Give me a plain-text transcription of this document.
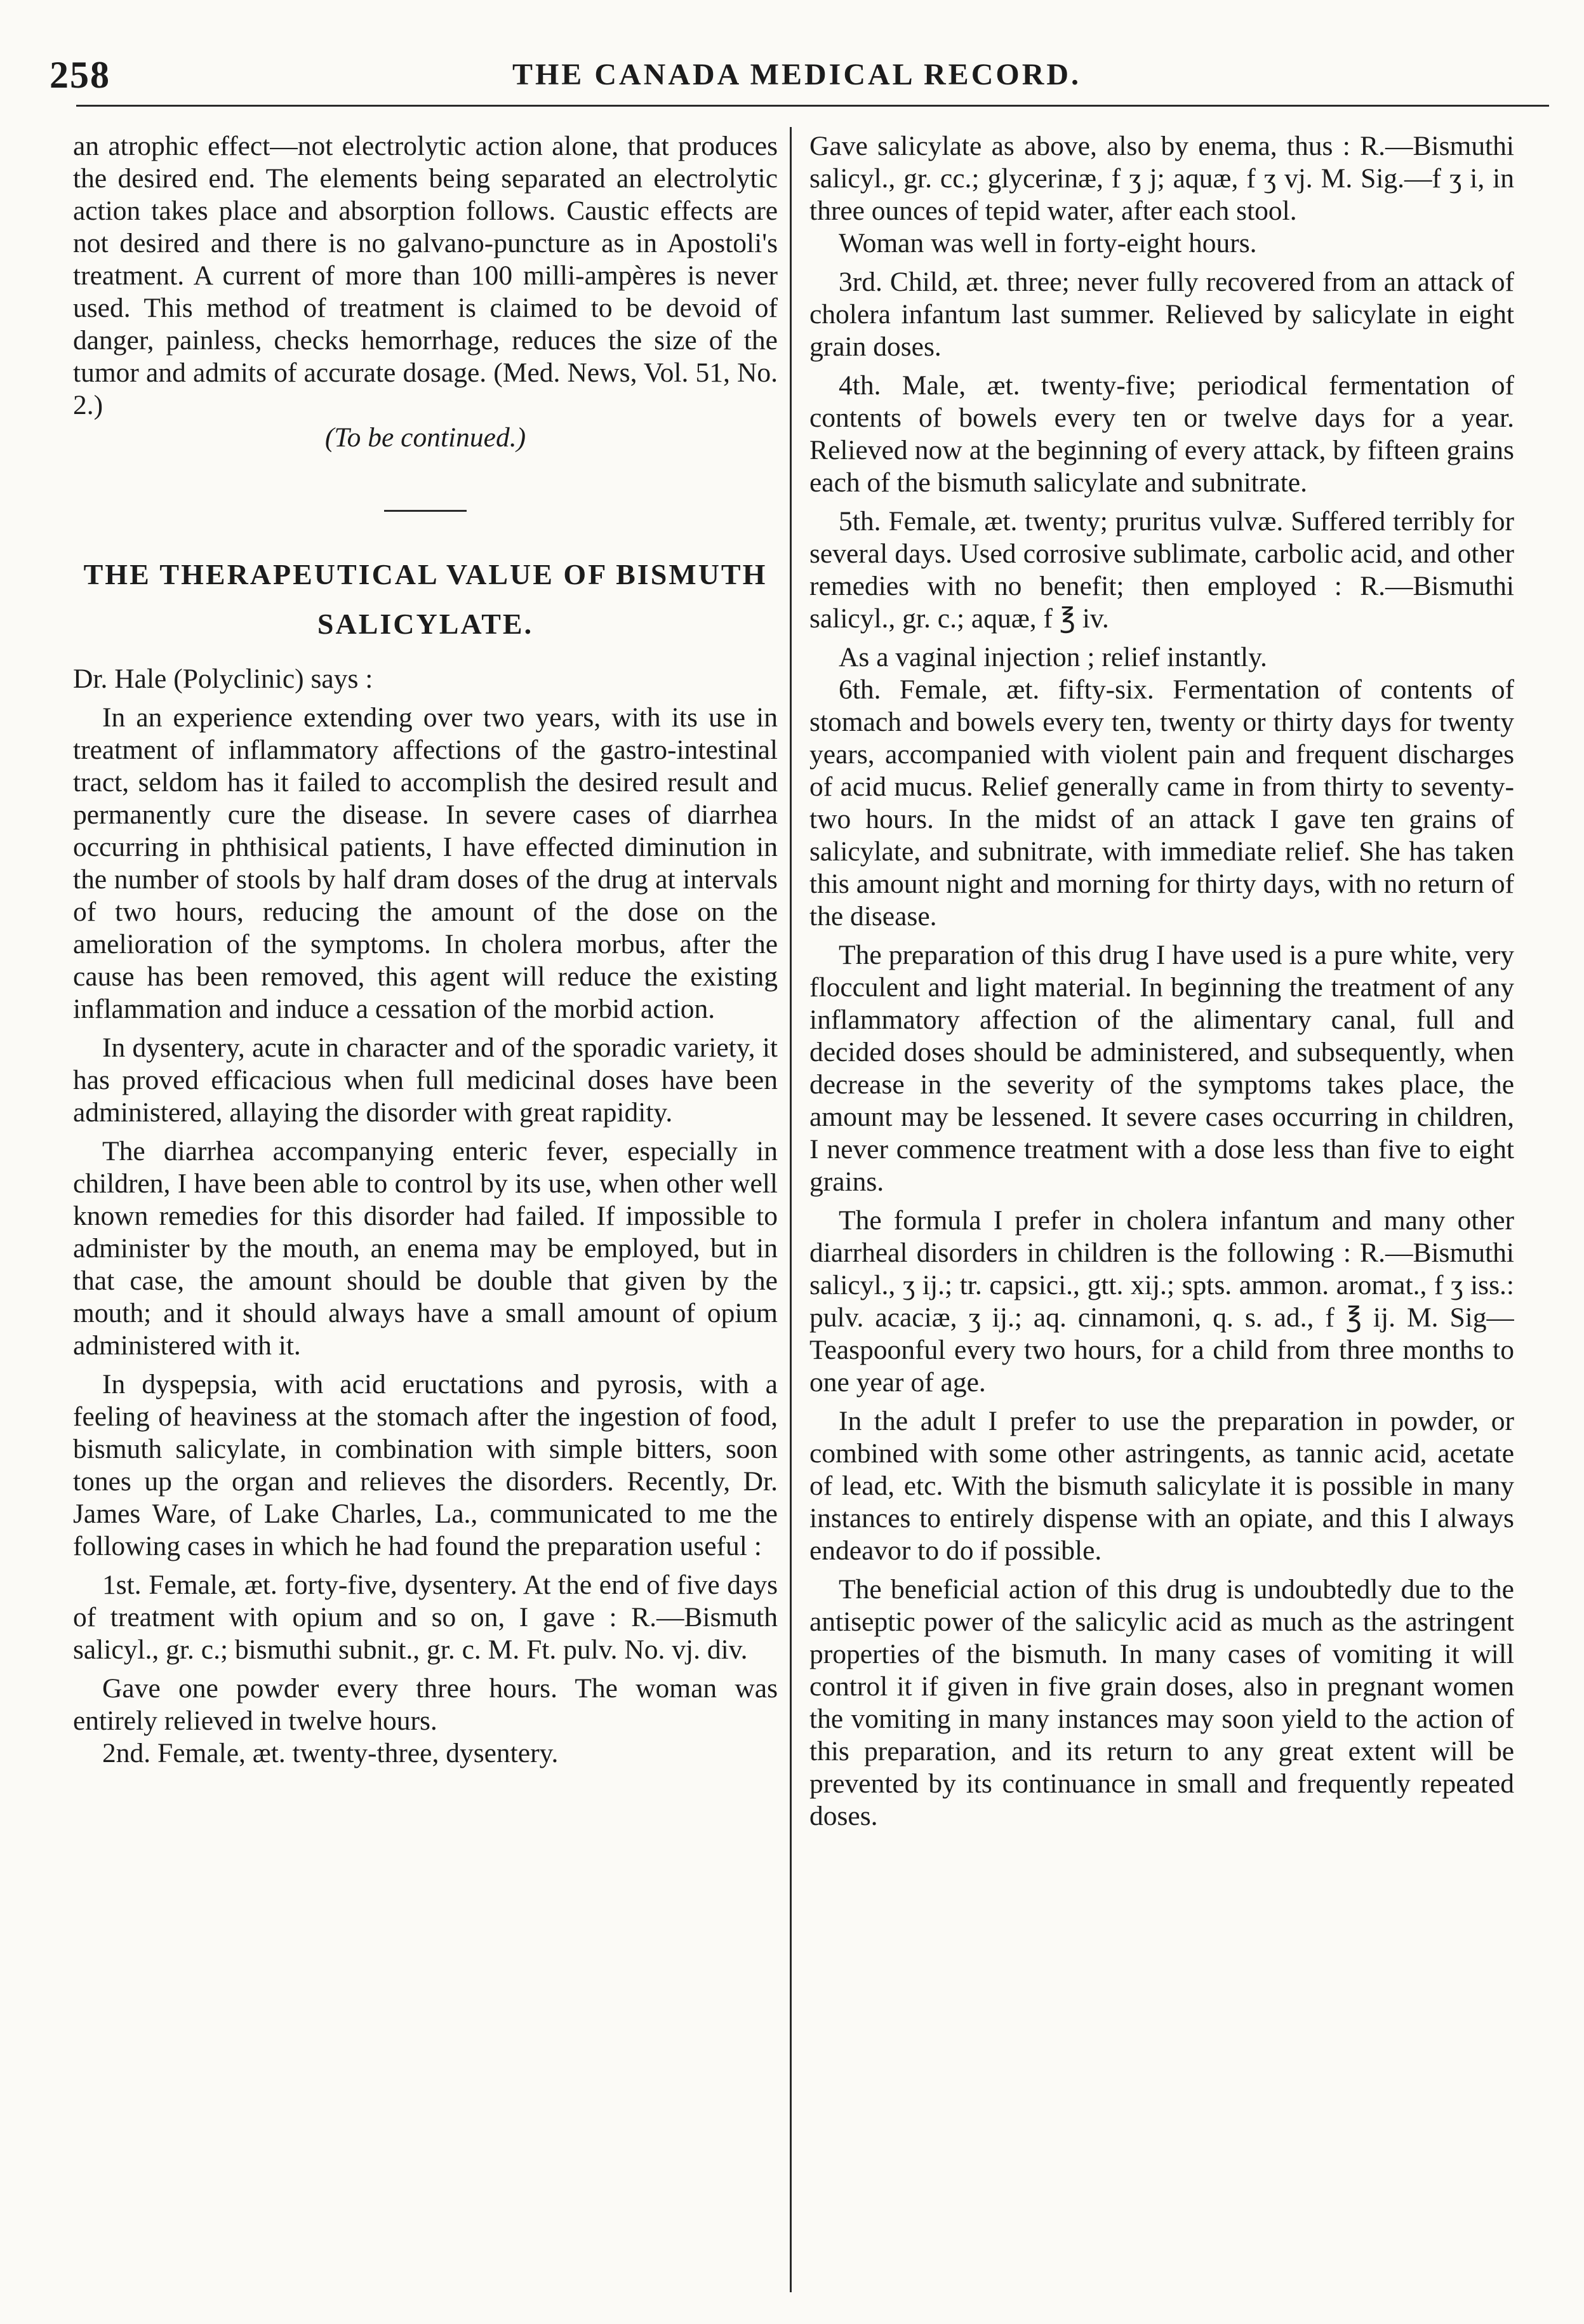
258	THE CANADA MEDICAL RECORD.

an atrophic effect—not electrolytic action alone, that produces the desired end. The elements being separated an electrolytic action takes place and absorption follows. Caustic effects are not desired and there is no galvano-puncture as in Apostoli's treatment. A current of more than 100 milli-ampères is never used. This method of treatment is claimed to be devoid of danger, painless, checks hemorrhage, reduces the size of the tumor and admits of accurate dosage. (Med. News, Vol. 51, No. 2.)

(To be continued.)

THE THERAPEUTICAL VALUE OF BISMUTH SALICYLATE.

Dr. Hale (Polyclinic) says :

In an experience extending over two years, with its use in treatment of inflammatory affections of the gastro-intestinal tract, seldom has it failed to accomplish the desired result and permanently cure the disease. In severe cases of diarrhea occurring in phthisical patients, I have effected diminution in the number of stools by half dram doses of the drug at intervals of two hours, reducing the amount of the dose on the amelioration of the symptoms. In cholera morbus, after the cause has been removed, this agent will reduce the existing inflammation and induce a cessation of the morbid action.

In dysentery, acute in character and of the sporadic variety, it has proved efficacious when full medicinal doses have been administered, allaying the disorder with great rapidity.

The diarrhea accompanying enteric fever, especially in children, I have been able to control by its use, when other well known remedies for this disorder had failed. If impossible to administer by the mouth, an enema may be employed, but in that case, the amount should be double that given by the mouth; and it should always have a small amount of opium administered with it.

In dyspepsia, with acid eructations and pyrosis, with a feeling of heaviness at the stomach after the ingestion of food, bismuth salicylate, in combination with simple bitters, soon tones up the organ and relieves the disorders. Recently, Dr. James Ware, of Lake Charles, La., communicated to me the following cases in which he had found the preparation useful :

1st. Female, æt. forty-five, dysentery. At the end of five days of treatment with opium and so on, I gave : R.—Bismuth salicyl., gr. c.; bismuthi subnit., gr. c. M. Ft. pulv. No. vj. div.

Gave one powder every three hours. The woman was entirely relieved in twelve hours.

2nd. Female, æt. twenty-three, dysentery.

Gave salicylate as above, also by enema, thus : R.—Bismuthi salicyl., gr. cc.; glycerinæ, f ʒ j; aquæ, f ʒ vj. M. Sig.—f ʒ i, in three ounces of tepid water, after each stool.

Woman was well in forty-eight hours.

3rd. Child, æt. three; never fully recovered from an attack of cholera infantum last summer. Relieved by salicylate in eight grain doses.

4th. Male, æt. twenty-five; periodical fermentation of contents of bowels every ten or twelve days for a year. Relieved now at the beginning of every attack, by fifteen grains each of the bismuth salicylate and subnitrate.

5th. Female, æt. twenty; pruritus vulvæ. Suffered terribly for several days. Used corrosive sublimate, carbolic acid, and other remedies with no benefit; then employed : R.—Bismuthi salicyl., gr. c.; aquæ, f ℥ iv.

As a vaginal injection ; relief instantly.

6th. Female, æt. fifty-six. Fermentation of contents of stomach and bowels every ten, twenty or thirty days for twenty years, accompanied with violent pain and frequent discharges of acid mucus. Relief generally came in from thirty to seventy-two hours. In the midst of an attack I gave ten grains of salicylate, and subnitrate, with immediate relief. She has taken this amount night and morning for thirty days, with no return of the disease.

The preparation of this drug I have used is a pure white, very flocculent and light material. In beginning the treatment of any inflammatory affection of the alimentary canal, full and decided doses should be administered, and subsequently, when decrease in the severity of the symptoms takes place, the amount may be lessened. It severe cases occurring in children, I never commence treatment with a dose less than five to eight grains.

The formula I prefer in cholera infantum and many other diarrheal disorders in children is the following : R.—Bismuthi salicyl., ʒ ij.; tr. capsici., gtt. xij.; spts. ammon. aromat., f ʒ iss.: pulv. acaciæ, ʒ ij.; aq. cinnamoni, q. s. ad., f ℥ ij. M. Sig—Teaspoonful every two hours, for a child from three months to one year of age.

In the adult I prefer to use the preparation in powder, or combined with some other astringents, as tannic acid, acetate of lead, etc. With the bismuth salicylate it is possible in many instances to entirely dispense with an opiate, and this I always endeavor to do if possible.

The beneficial action of this drug is undoubtedly due to the antiseptic power of the salicylic acid as much as the astringent properties of the bismuth. In many cases of vomiting it will control it if given in five grain doses, also in pregnant women the vomiting in many instances may soon yield to the action of this preparation, and its return to any great extent will be prevented by its continuance in small and frequently repeated doses.
